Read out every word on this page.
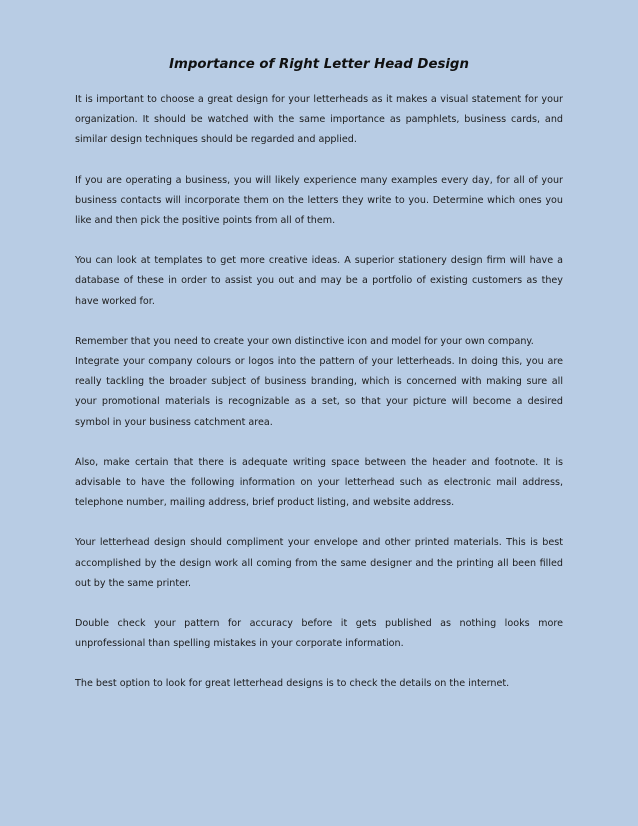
Importance of Right Letter Head Design

It is important to choose a great design for your letterheads as it makes a visual statement for your organization. It should be watched with the same importance as pamphlets, business cards, and similar design techniques should be regarded and applied.

If you are operating a business, you will likely experience many examples every day, for all of your business contacts will incorporate them on the letters they write to you. Determine which ones you like and then pick the positive points from all of them.

You can look at templates to get more creative ideas. A superior stationery design firm will have a database of these in order to assist you out and may be a portfolio of existing customers as they have worked for.

Remember that you need to create your own distinctive icon and model for your own company.

Integrate your company colours or logos into the pattern of your letterheads. In doing this, you are really tackling the broader subject of business branding, which is concerned with making sure all your promotional materials is recognizable as a set, so that your picture will become a desired symbol in your business catchment area.

Also, make certain that there is adequate writing space between the header and footnote. It is advisable to have the following information on your letterhead such as electronic mail address, telephone number, mailing address, brief product listing, and website address.

Your letterhead design should compliment your envelope and other printed materials. This is best accomplished by the design work all coming from the same designer and the printing all been filled out by the same printer.

Double check your pattern for accuracy before it gets published as nothing looks more unprofessional than spelling mistakes in your corporate information.

The best option to look for great letterhead designs is to check the details on the internet.
